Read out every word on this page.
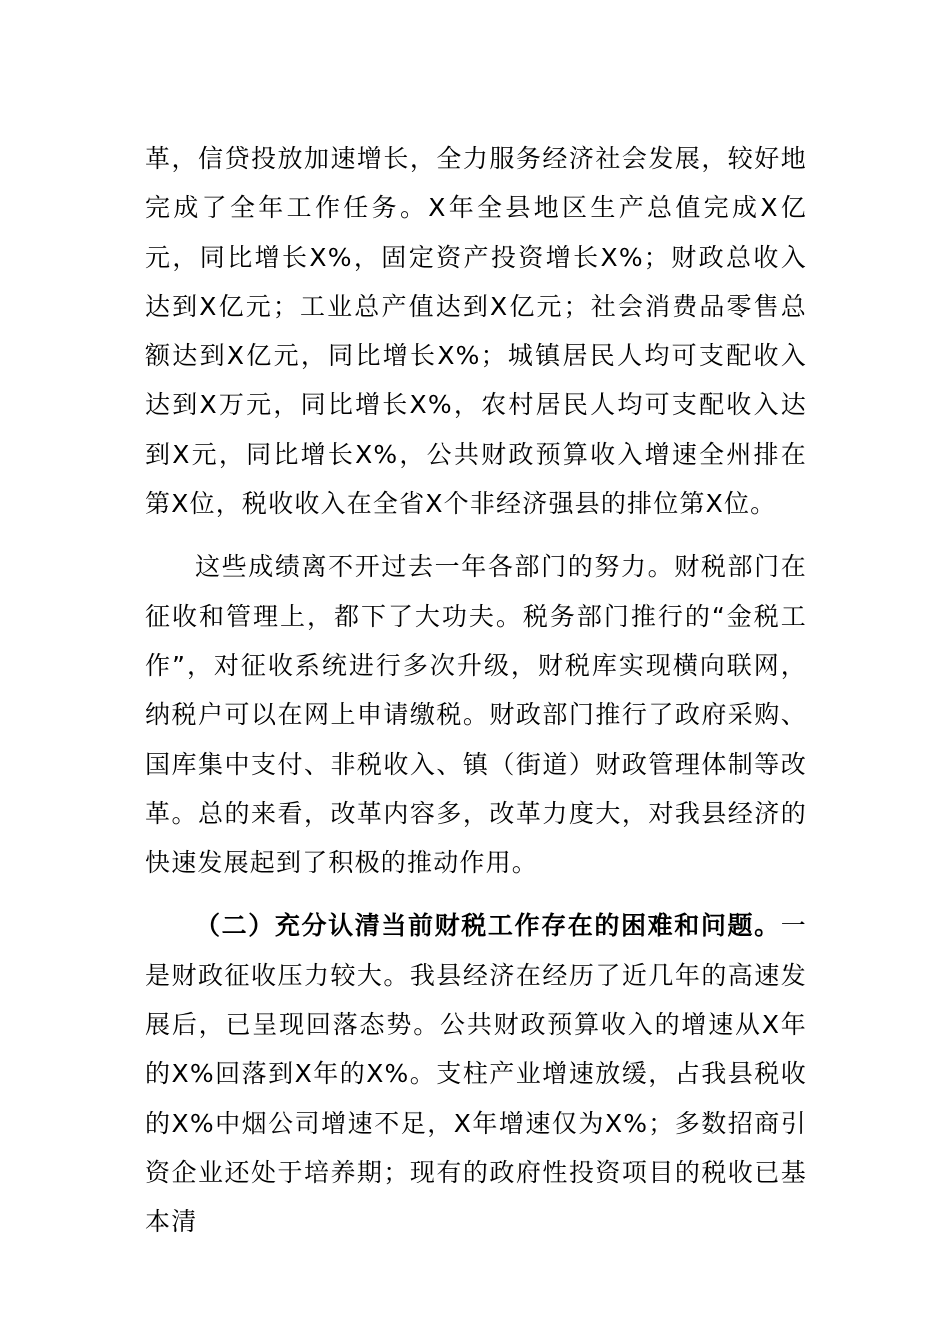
革，信贷投放加速增长，全力服务经济社会发展，较好地完成了全年工作任务。X年全县地区生产总值完成X亿元，同比增长X%，固定资产投资增长X%；财政总收入达到X亿元；工业总产值达到X亿元；社会消费品零售总额达到X亿元，同比增长X%；城镇居民人均可支配收入达到X万元，同比增长X%，农村居民人均可支配收入达到X元，同比增长X%，公共财政预算收入增速全州排在第X位，税收收入在全省X个非经济强县的排位第X位。

这些成绩离不开过去一年各部门的努力。财税部门在征收和管理上，都下了大功夫。税务部门推行的“金税工作”，对征收系统进行多次升级，财税库实现横向联网，纳税户可以在网上申请缴税。财政部门推行了政府采购、国库集中支付、非税收入、镇（街道）财政管理体制等改革。总的来看，改革内容多，改革力度大，对我县经济的快速发展起到了积极的推动作用。

（二）充分认清当前财税工作存在的困难和问题。一是财政征收压力较大。我县经济在经历了近几年的高速发展后，已呈现回落态势。公共财政预算收入的增速从X年的X%回落到X年的X%。支柱产业增速放缓，占我县税收的X%中烟公司增速不足，X年增速仅为X%；多数招商引资企业还处于培养期；现有的政府性投资项目的税收已基本清
